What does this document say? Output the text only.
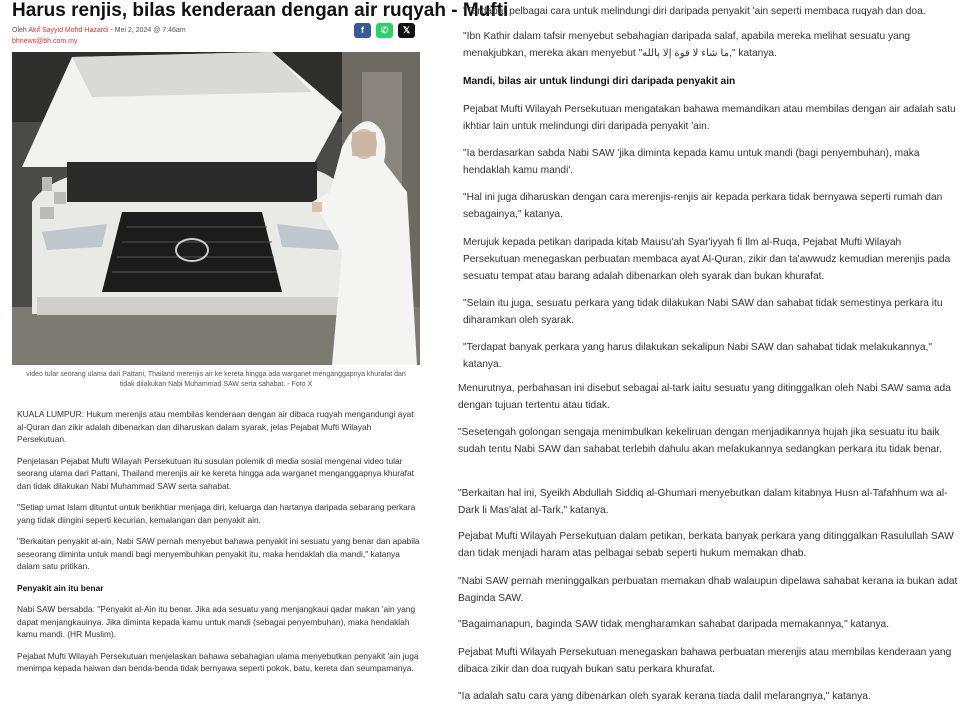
Harus renjis, bilas kenderaan dengan air ruqyah - Mufti
Oleh Akif Sayyid Mohd Hazardi - Mei 2, 2024 @ 7:46am
bhnews@bh.com.my
f	✆	𝕏
video tular seorang ulama dari Pattani, Thailand merenjis air ke kereta hingga ada warganet menganggapnya khurafat dan
tidak dilakukan Nabi Muhammad SAW serta sahabat. - Foto X

KUALA LUMPUR: Hukum merenjis atau membilas kenderaan dengan air dibaca ruqyah mengandungi ayat al-Quran dan zikir adalah dibenarkan dan diharuskan dalam syarak, jelas Pejabat Mufti Wilayah Persekutuan.

Penjelasan Pejabat Mufti Wilayah Persekutuan itu susulan polemik di media sosial mengenai video tular seorang ulama dari Pattani, Thailand merenjis air ke kereta hingga ada warganet menganggapnya khurafat dan tidak dilakukan Nabi Muhammad SAW serta sahabat.

"Setiap umat Islam dituntut untuk berikhtiar menjaga diri, keluarga dan hartanya daripada sebarang perkara yang tidak diingini seperti kecurian, kemalangan dan penyakit ain.

"Berkaitan penyakit al-ain, Nabi SAW pernah menyebut bahawa penyakit ini sesuatu yang benar dan apabila seseorang diminta untuk mandi bagi menyembuhkan penyakit itu, maka hendaklah dia mandi," katanya dalam satu pritikan.

Penyakit ain itu benar

Nabi SAW bersabda: "Penyakit al-Ain itu benar. Jika ada sesuatu yang menjangkaui qadar makan 'ain yang dapat menjangkauinya. Jika diminta kepada kamu untuk mandi (sebagai penyembuhan), maka hendaklah kamu mandi. (HR Muslim).

Pejabat Mufti Wilayah Persekutuan menjelaskan bahawa sebahagian ulama menyebutkan penyakit 'ain juga menimpa kepada haiwan dan benda-benda tidak bernyawa seperti pokok, batu, kereta dan seumpamanya.

"Terdapat pelbagai cara untuk melindungi diri daripada penyakit 'ain seperti membaca ruqyah dan doa.
"Ibn Kathir dalam tafsir menyebut sebahagian daripada salaf, apabila mereka melihat sesuatu yang menakjubkan, mereka akan menyebut "ما شاء لا قوة إلا بالله," katanya.
Mandi, bilas air untuk lindungi diri daripada penyakit ain
Pejabat Mufti Wilayah Persekutuan mengatakan bahawa memandikan atau membilas dengan air adalah satu ikhtiar lain untuk melindungi diri daripada penyakit 'ain.
"Ia berdasarkan sabda Nabi SAW 'jika diminta kepada kamu untuk mandi (bagi penyembuhan), maka hendaklah kamu mandi'.
"Hal ini juga diharuskan dengan cara merenjis-renjis air kepada perkara tidak bernyawa seperti rumah dan sebagainya," katanya.
Merujuk kepada petikan daripada kitab Mausu'ah Syar'iyyah fi Ilm al-Ruqa, Pejabat Mufti Wilayah Persekutuan menegaskan perbuatan membaca ayat Al-Quran, zikir dan ta'awwudz kemudian merenjis pada sesuatu tempat atau barang adalah dibenarkan oleh syarak dan bukan khurafat.
"Selain itu juga, sesuatu perkara yang tidak dilakukan Nabi SAW dan sahabat tidak semestinya perkara itu diharamkan oleh syarak.
"Terdapat banyak perkara yang harus dilakukan sekalipun Nabi SAW dan sahabat tidak melakukannya," katanya.
Menurutnya, perbahasan ini disebut sebagai al-tark iaitu sesuatu yang ditinggalkan oleh Nabi SAW sama ada dengan tujuan tertentu atau tidak.
"Sesetengah golongan sengaja menimbulkan kekeliruan dengan menjadikannya hujah jika sesuatu itu baik sudah tentu Nabi SAW dan sahabat terlebih dahulu akan melakukannya sedangkan perkara itu tidak benar.
"Berkaitan hal ini, Syeikh Abdullah Siddiq al-Ghumari menyebutkan dalam kitabnya Husn al-Tafahhum wa al-Dark li Mas'alat al-Tark," katanya.
Pejabat Mufti Wilayah Persekutuan dalam petikan, berkata banyak perkara yang ditinggalkan Rasulullah SAW dan tidak menjadi haram atas pelbagai sebab seperti hukum memakan dhab.
"Nabi SAW pernah meninggalkan perbuatan memakan dhab walaupun dipelawa sahabat kerana ia bukan adat Baginda SAW.
"Bagaimanapun, baginda SAW tidak mengharamkan sahabat daripada memakannya," katanya.
Pejabat Mufti Wilayah Persekutuan menegaskan bahawa perbuatan merenjis atau membilas kenderaan yang dibaca zikir dan doa ruqyah bukan satu perkara khurafat.
"Ia adalah satu cara yang dibenarkan oleh syarak kerana tiada dalil melarangnya," katanya.
